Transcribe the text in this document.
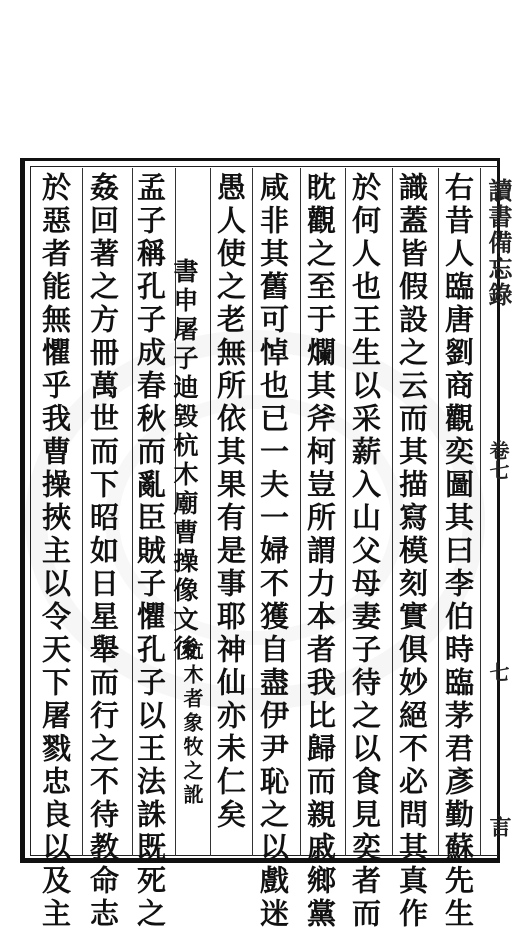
右昔人臨唐劉商觀奕圖其曰李伯時臨茅君彥勤蘇先生
識蓋皆假設之云而其描寫模刻實俱妙絕不必問其真作
於何人也王生以采薪入山父母妻子待之以食見奕者而
眈觀之至于爛其斧柯豈所謂力本者我比歸而親戚鄉黨
咸非其舊可悼也已一夫一婦不獲自盡伊尹恥之以戲迷
愚人使之老無所依其果有是事耶神仙亦未仁矣
書申屠子迪毀杭木廟曹操像文後
杭木者象牧之訛
孟子稱孔子成春秋而亂臣賊子懼孔子以王法誅既死之
姦回著之方冊萬世而下昭如日星舉而行之不待教命志
於惡者能無懼乎我曹操挾主以令天下屠戮忠良以及主	讀書備忘錄
卷七
七
言
